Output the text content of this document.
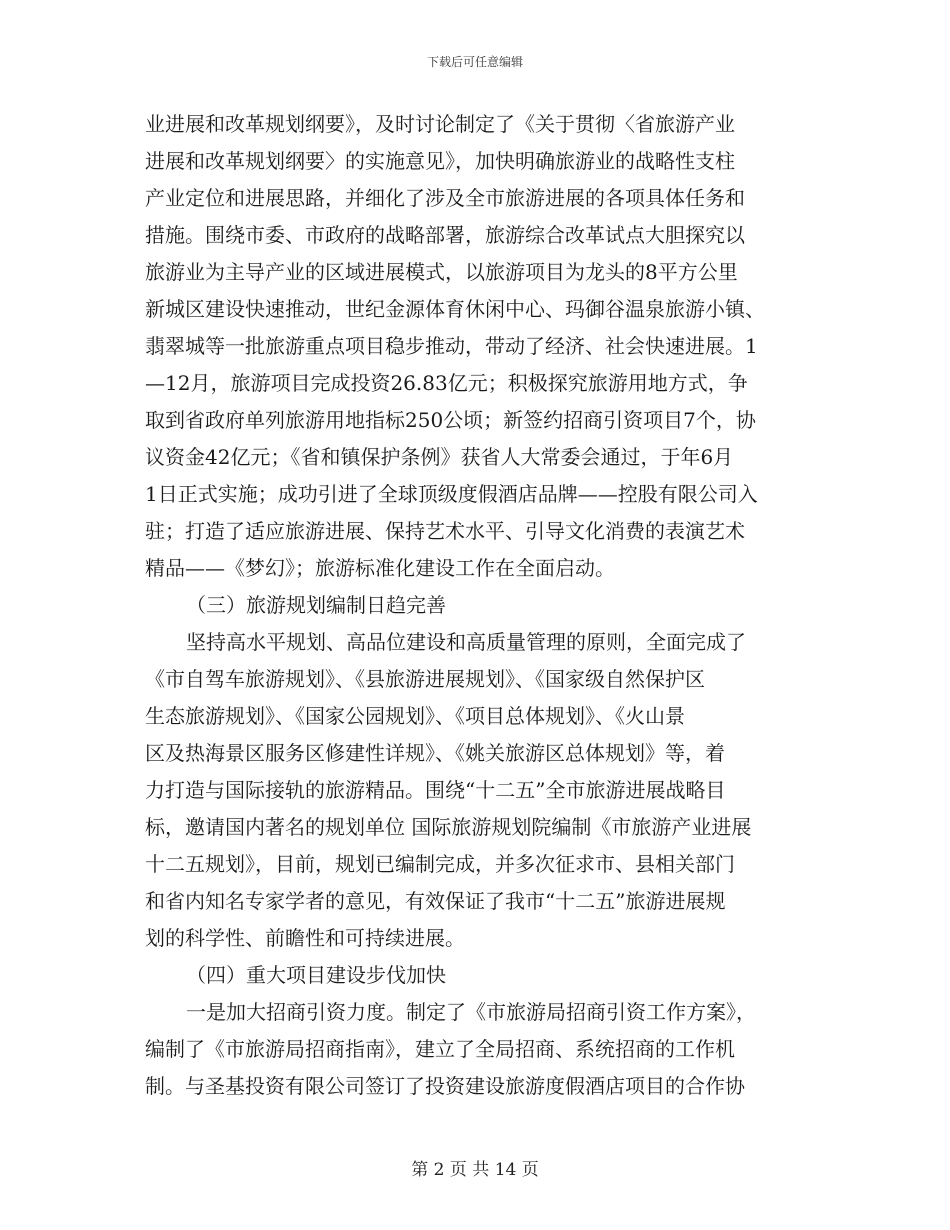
下载后可任意编辑
业进展和改革规划纲要》，及时讨论制定了《关于贯彻〈省旅游产业
进展和改革规划纲要〉的实施意见》，加快明确旅游业的战略性支柱
产业定位和进展思路，并细化了涉及全市旅游进展的各项具体任务和
措施。围绕市委、市政府的战略部署，旅游综合改革试点大胆探究以
旅游业为主导产业的区域进展模式，以旅游项目为龙头的8平方公里
新城区建设快速推动，世纪金源体育休闲中心、玛御谷温泉旅游小镇、
翡翠城等一批旅游重点项目稳步推动，带动了经济、社会快速进展。1
—12月，旅游项目完成投资26.83亿元；积极探究旅游用地方式，争
取到省政府单列旅游用地指标250公顷；新签约招商引资项目7个，协
议资金42亿元；《省和镇保护条例》获省人大常委会通过，于年6月
1日正式实施；成功引进了全球顶级度假酒店品牌——控股有限公司入
驻；打造了适应旅游进展、保持艺术水平、引导文化消费的表演艺术
精品——《梦幻》；旅游标准化建设工作在全面启动。
（三）旅游规划编制日趋完善
坚持高水平规划、高品位建设和高质量管理的原则，全面完成了
《市自驾车旅游规划》、《县旅游进展规划》、《国家级自然保护区
生态旅游规划》、《国家公园规划》、《项目总体规划》、《火山景
区及热海景区服务区修建性详规》、《姚关旅游区总体规划》等，着
力打造与国际接轨的旅游精品。围绕“十二五”全市旅游进展战略目
标，邀请国内著名的规划单位 国际旅游规划院编制《市旅游产业进展
十二五规划》，目前，规划已编制完成，并多次征求市、县相关部门
和省内知名专家学者的意见，有效保证了我市“十二五”旅游进展规
划的科学性、前瞻性和可持续进展。
（四）重大项目建设步伐加快
一是加大招商引资力度。制定了《市旅游局招商引资工作方案》，
编制了《市旅游局招商指南》，建立了全局招商、系统招商的工作机
制。与圣基投资有限公司签订了投资建设旅游度假酒店项目的合作协
第 2 页 共 14 页
